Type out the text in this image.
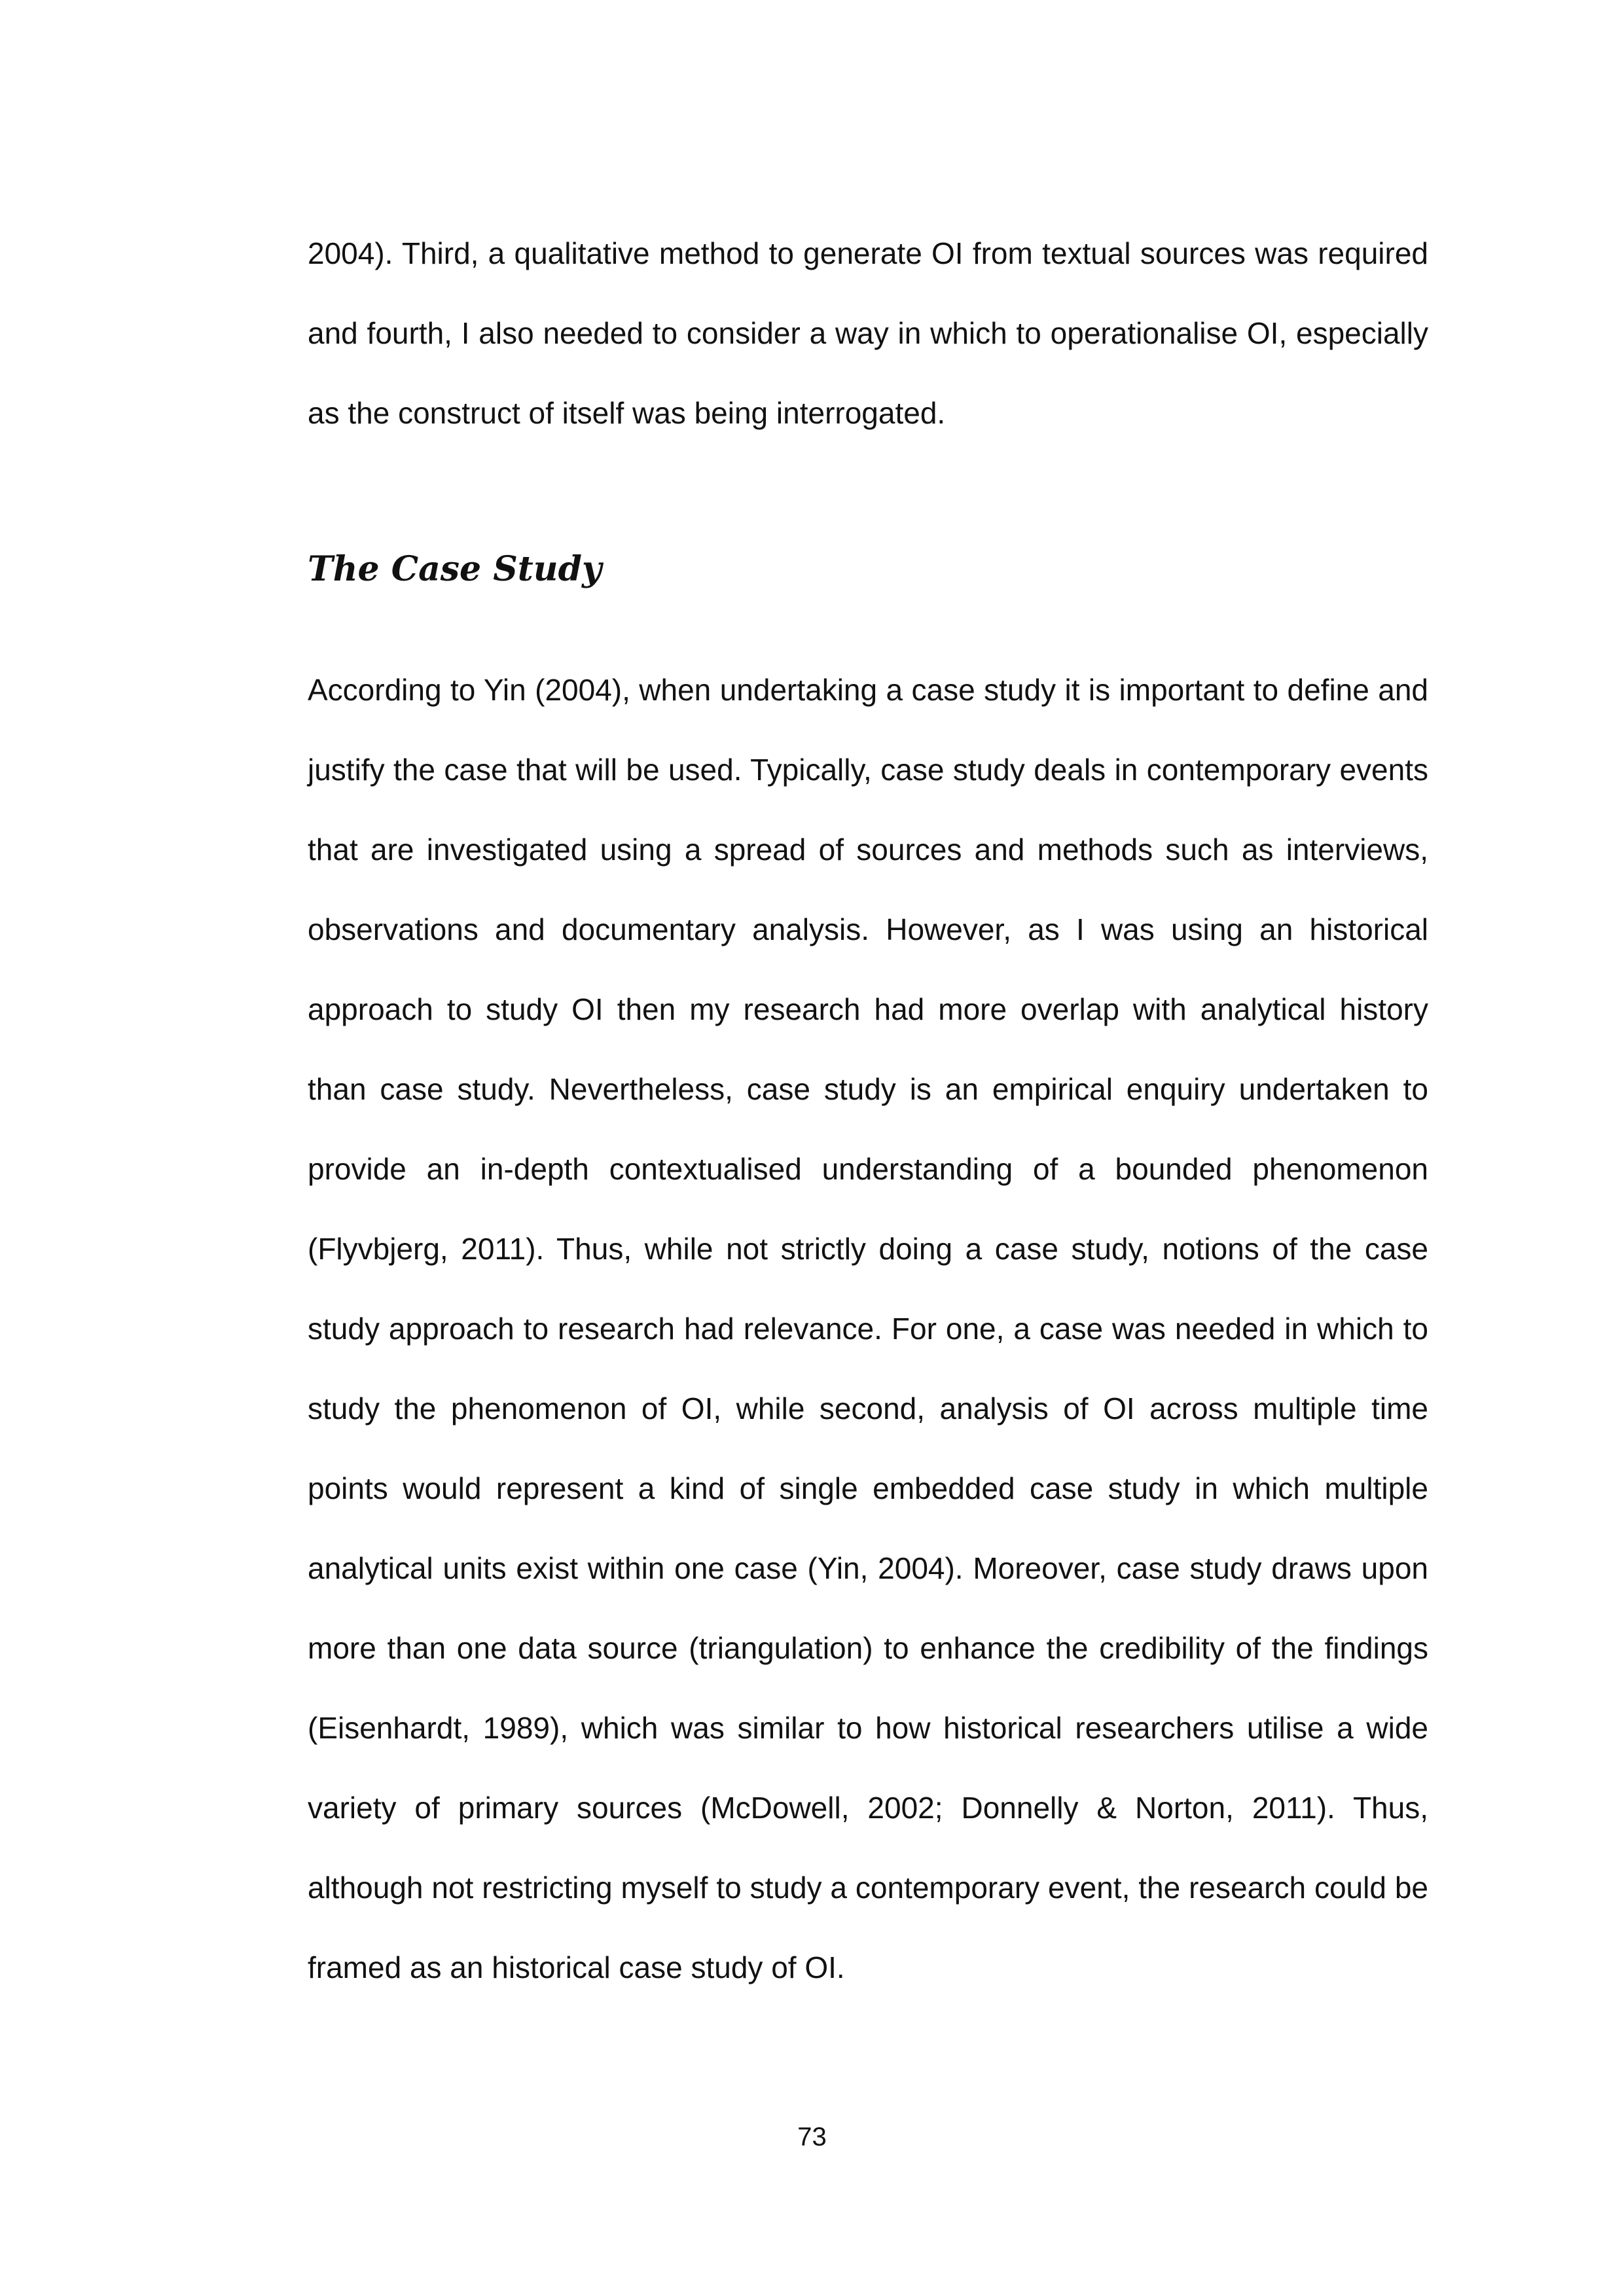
2004). Third, a qualitative method to generate OI from textual sources was required and fourth, I also needed to consider a way in which to operationalise OI, especially as the construct of itself was being interrogated.

The Case Study

According to Yin (2004), when undertaking a case study it is important to define and justify the case that will be used. Typically, case study deals in contemporary events that are investigated using a spread of sources and methods such as interviews, observations and documentary analysis. However, as I was using an historical approach to study OI then my research had more overlap with analytical history than case study. Nevertheless, case study is an empirical enquiry undertaken to provide an in-depth contextualised understanding of a bounded phenomenon (Flyvbjerg, 2011). Thus, while not strictly doing a case study, notions of the case study approach to research had relevance. For one, a case was needed in which to study the phenomenon of OI, while second, analysis of OI across multiple time points would represent a kind of single embedded case study in which multiple analytical units exist within one case (Yin, 2004). Moreover, case study draws upon more than one data source (triangulation) to enhance the credibility of the findings (Eisenhardt, 1989), which was similar to how historical researchers utilise a wide variety of primary sources (McDowell, 2002; Donnelly & Norton, 2011). Thus, although not restricting myself to study a contemporary event, the research could be framed as an historical case study of OI.

73
